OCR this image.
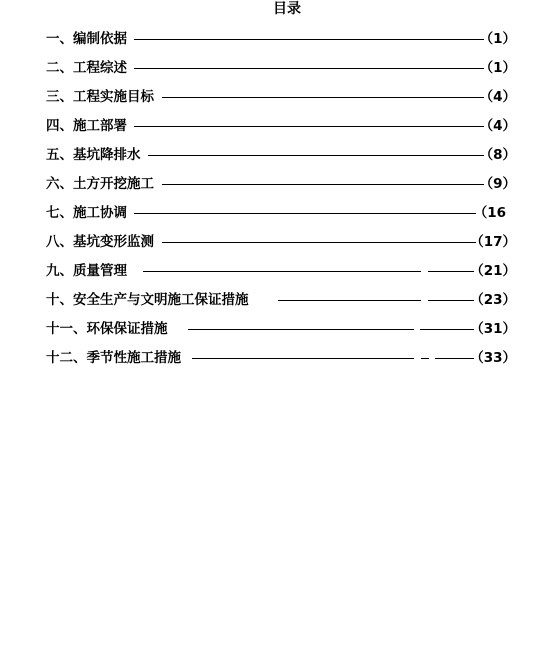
目录
一、编制依据	（1）
二、工程综述	（1）
三、工程实施目标	（4）
四、施工部署	（4）
五、基坑降排水	（8）
六、土方开挖施工	（9）
七、施工协调	（16
八、基坑变形监测	（17）
九、质量管理	（21）
十、安全生产与文明施工保证措施	（23）
十一、环保保证措施	（31）
十二、季节性施工措施	（33）
